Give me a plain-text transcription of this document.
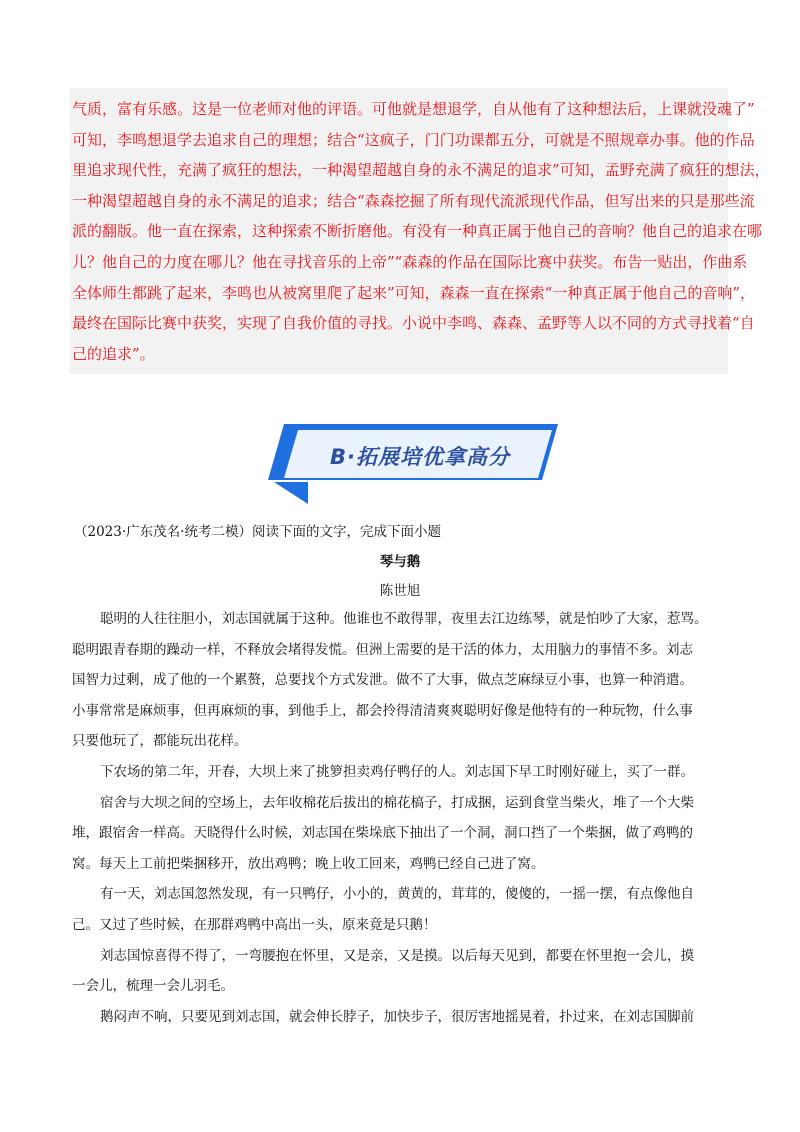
气质，富有乐感。这是一位老师对他的评语。可他就是想退学，自从他有了这种想法后，上课就没魂了”
可知，李鸣想退学去追求自己的理想；结合“这疯子，门门功课都五分，可就是不照规章办事。他的作品
里追求现代性，充满了疯狂的想法，一种渴望超越自身的永不满足的追求”可知，孟野充满了疯狂的想法，
一种渴望超越自身的永不满足的追求；结合“森森挖掘了所有现代流派现代作品，但写出来的只是那些流
派的翻版。他一直在探索，这种探索不断折磨他。有没有一种真正属于他自己的音响？他自己的追求在哪
儿？他自己的力度在哪儿？他在寻找音乐的上帝”“森森的作品在国际比赛中获奖。布告一贴出，作曲系
全体师生都跳了起来，李鸣也从被窝里爬了起来”可知，森森一直在探索“一种真正属于他自己的音响”，
最终在国际比赛中获奖，实现了自我价值的寻找。小说中李鸣、森森、孟野等人以不同的方式寻找着“自
己的追求”。
B·拓展培优拿高分
（2023·广东茂名·统考二模）阅读下面的文字，完成下面小题
琴与鹅
陈世旭
聪明的人往往胆小，刘志国就属于这种。他谁也不敢得罪，夜里去江边练琴，就是怕吵了大家，惹骂。
聪明跟青春期的躁动一样，不释放会堵得发慌。但洲上需要的是干活的体力，太用脑力的事情不多。刘志
国智力过剩，成了他的一个累赘，总要找个方式发泄。做不了大事，做点芝麻绿豆小事，也算一种消遣。
小事常常是麻烦事，但再麻烦的事，到他手上，都会拎得清清爽爽聪明好像是他特有的一种玩物，什么事
只要他玩了，都能玩出花样。
下农场的第二年，开春，大坝上来了挑箩担卖鸡仔鸭仔的人。刘志国下早工时刚好碰上，买了一群。
宿舍与大坝之间的空场上，去年收棉花后拔出的棉花槁子，打成捆，运到食堂当柴火，堆了一个大柴
堆，跟宿舍一样高。天晓得什么时候，刘志国在柴垛底下抽出了一个洞，洞口挡了一个柴捆，做了鸡鸭的
窝。每天上工前把柴捆移开，放出鸡鸭；晚上收工回来，鸡鸭已经自己进了窝。
有一天，刘志国忽然发现，有一只鸭仔，小小的，黄黄的，茸茸的，傻傻的，一摇一摆，有点像他自
己。又过了些时候，在那群鸡鸭中高出一头，原来竟是只鹅！
刘志国惊喜得不得了，一弯腰抱在怀里，又是亲，又是摸。以后每天见到，都要在怀里抱一会儿，摸
一会儿，梳理一会儿羽毛。
鹅闷声不响，只要见到刘志国，就会伸长脖子，加快步子，很厉害地摇晃着，扑过来，在刘志国脚前
